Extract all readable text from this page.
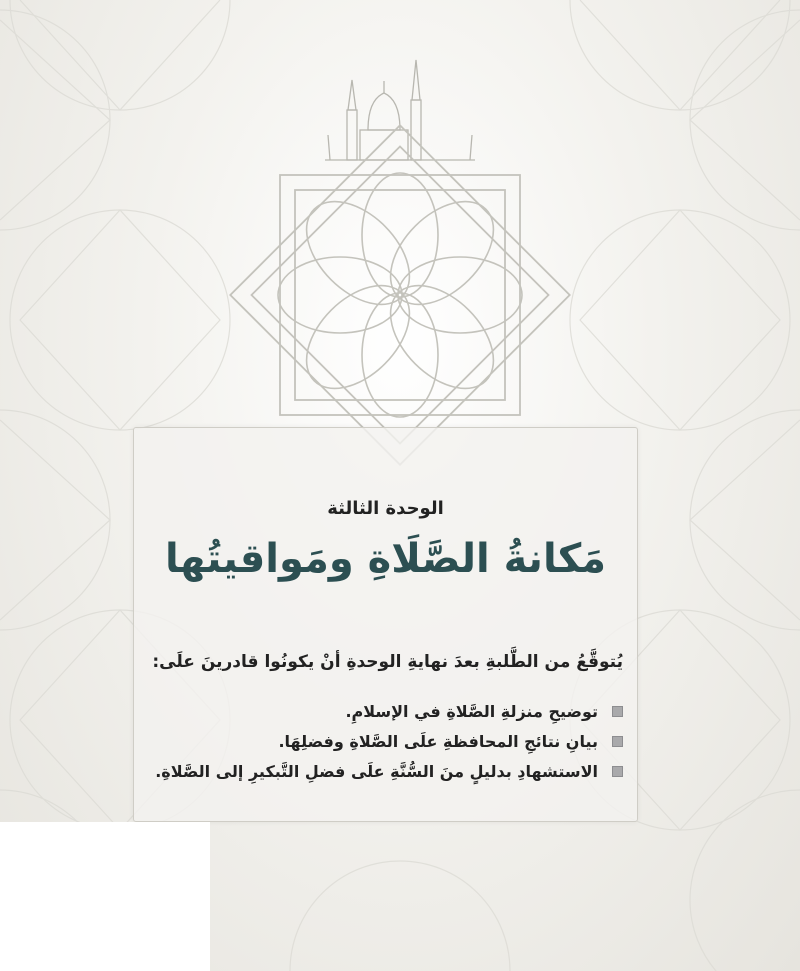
الوحدة الثالثة
مَكانةُ الصَّلَاةِ ومَواقيتُها
يُتوقَّعُ من الطَّلبةِ بعدَ نهايةِ الوحدةِ أنْ يكونُوا قادرينَ علَى:
توضيحِ منزلةِ الصَّلاةِ في الإسلامِ.
بيانِ نتائجِ المحافظةِ علَى الصَّلاةِ وفضلِهَا.
الاستشهادِ بدليلٍ منَ السُّنَّةِ علَى فضلِ التَّبكيرِ إلى الصَّلاةِ.
